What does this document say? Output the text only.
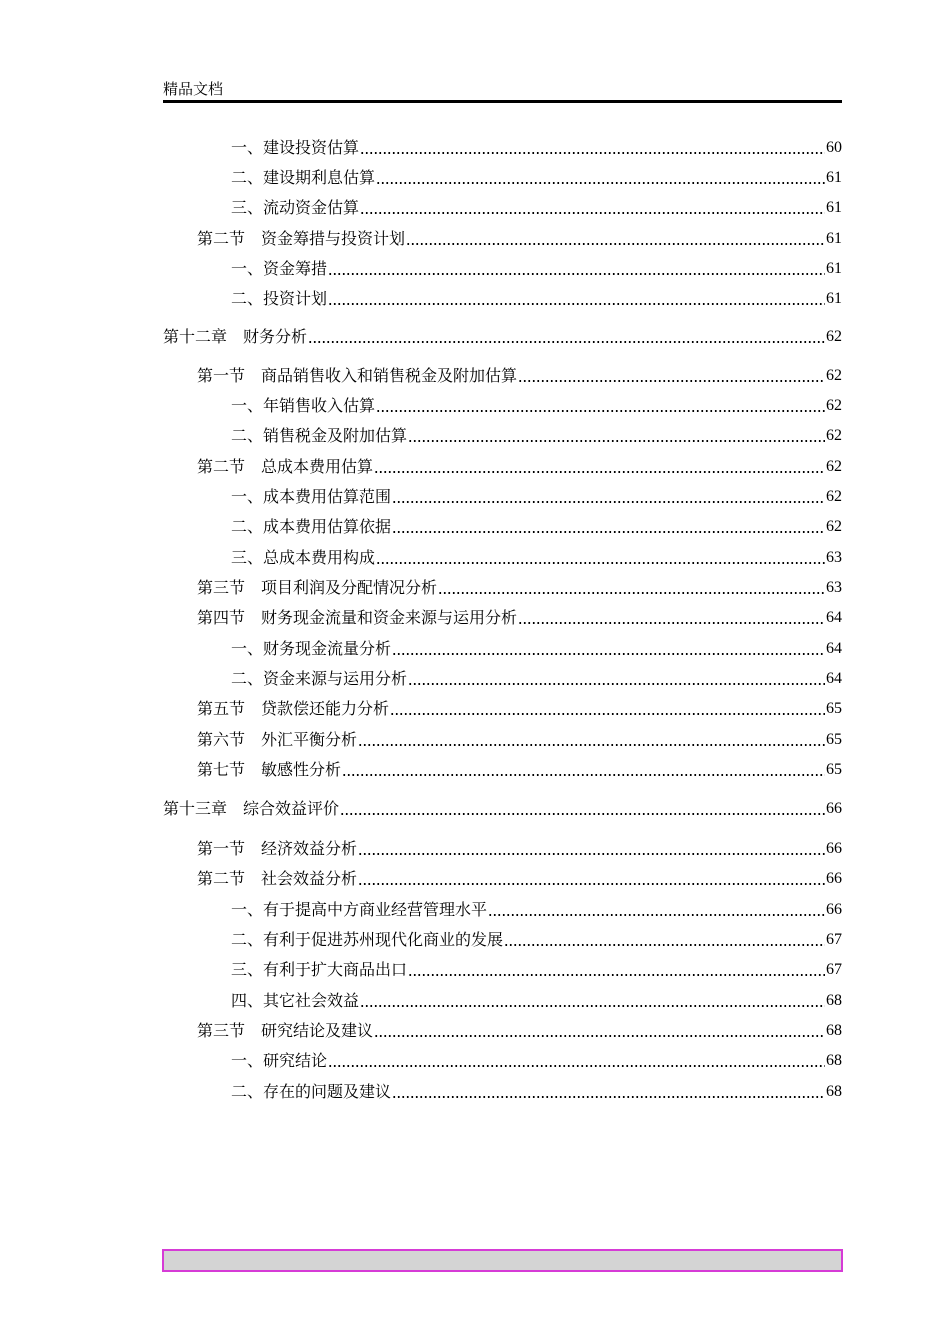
精品文档
一、建设投资估算	60
二、建设期利息估算	61
三、流动资金估算	61
第二节　资金筹措与投资计划	61
一、资金筹措	61
二、投资计划	61
第十二章　财务分析	62
第一节　商品销售收入和销售税金及附加估算	62
一、年销售收入估算	62
二、销售税金及附加估算	62
第二节　总成本费用估算	62
一、成本费用估算范围	62
二、成本费用估算依据	62
三、总成本费用构成	63
第三节　项目利润及分配情况分析	63
第四节　财务现金流量和资金来源与运用分析	64
一、财务现金流量分析	64
二、资金来源与运用分析	64
第五节　贷款偿还能力分析	65
第六节　外汇平衡分析	65
第七节　敏感性分析	65
第十三章　综合效益评价	66
第一节　经济效益分析	66
第二节　社会效益分析	66
一、有于提高中方商业经营管理水平	66
二、有利于促进苏州现代化商业的发展	67
三、有利于扩大商品出口	67
四、其它社会效益	68
第三节　研究结论及建议	68
一、研究结论	68
二、存在的问题及建议	68
